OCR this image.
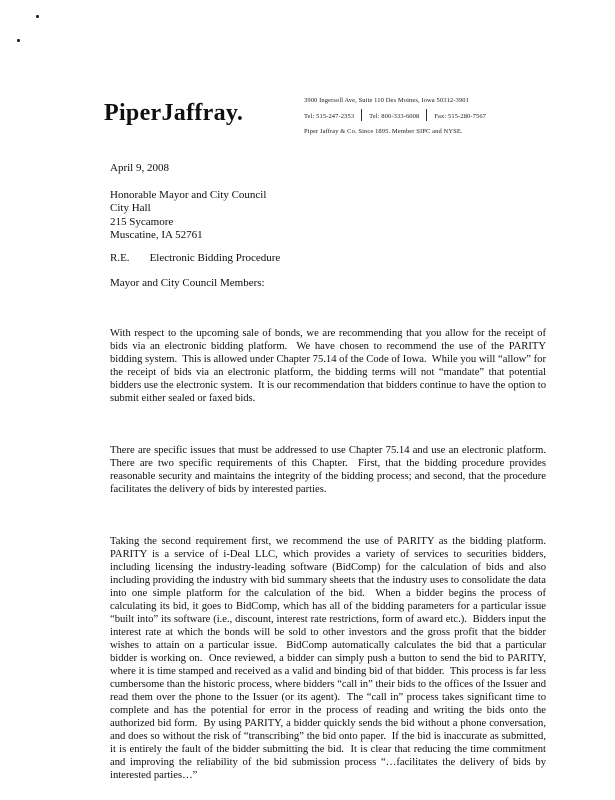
PiperJaffray.	3900 Ingersoll Ave, Suite 110 Des Moines, Iowa 50312-3901
Tel: 515-247-2353 Tel: 800-333-6008 Fax: 515-280-7567
Piper Jaffray & Co. Since 1895. Member SIPC and NYSE.
April 9, 2008
Honorable Mayor and City Council
City Hall
215 Sycamore
Muscatine, IA 52761
R.E. Electronic Bidding Procedure
Mayor and City Council Members:

With respect to the upcoming sale of bonds, we are recommending that you allow for the receipt of bids via an electronic bidding platform.  We have chosen to recommend the use of the PARITY bidding system.  This is allowed under Chapter 75.14 of the Code of Iowa.  While you will “allow” for the receipt of bids via an electronic platform, the bidding terms will not “mandate” that potential bidders use the electronic system.  It is our recommendation that bidders continue to have the option to submit either sealed or faxed bids.

There are specific issues that must be addressed to use Chapter 75.14 and use an electronic platform.  There are two specific requirements of this Chapter.  First, that the bidding procedure provides reasonable security and maintains the integrity of the bidding process; and second, that the procedure facilitates the delivery of bids by interested parties.

Taking the second requirement first, we recommend the use of PARITY as the bidding platform.  PARITY is a service of i-Deal LLC, which provides a variety of services to securities bidders, including licensing the industry-leading software (BidComp) for the calculation of bids and also including providing the industry with bid summary sheets that the industry uses to consolidate the data into one simple platform for the calculation of the bid.  When a bidder begins the process of calculating its bid, it goes to BidComp, which has all of the bidding parameters for a particular issue “built into” its software (i.e., discount, interest rate restrictions, form of award etc.).  Bidders input the interest rate at which the bonds will be sold to other investors and the gross profit that the bidder wishes to attain on a particular issue.  BidComp automatically calculates the bid that a particular bidder is working on.  Once reviewed, a bidder can simply push a button to send the bid to PARITY, where it is time stamped and received as a valid and binding bid of that bidder.  This process is far less cumbersome than the historic process, where bidders “call in” their bids to the offices of the Issuer and read them over the phone to the Issuer (or its agent).  The “call in” process takes significant time to complete and has the potential for error in the process of reading and writing the bids onto the authorized bid form.  By using PARITY, a bidder quickly sends the bid without a phone conversation, and does so without the risk of “transcribing” the bid onto paper.  If the bid is inaccurate as submitted, it is entirely the fault of the bidder submitting the bid.  It is clear that reducing the time commitment and improving the reliability of the bid submission process “…facilitates the delivery of bids by interested parties…”
